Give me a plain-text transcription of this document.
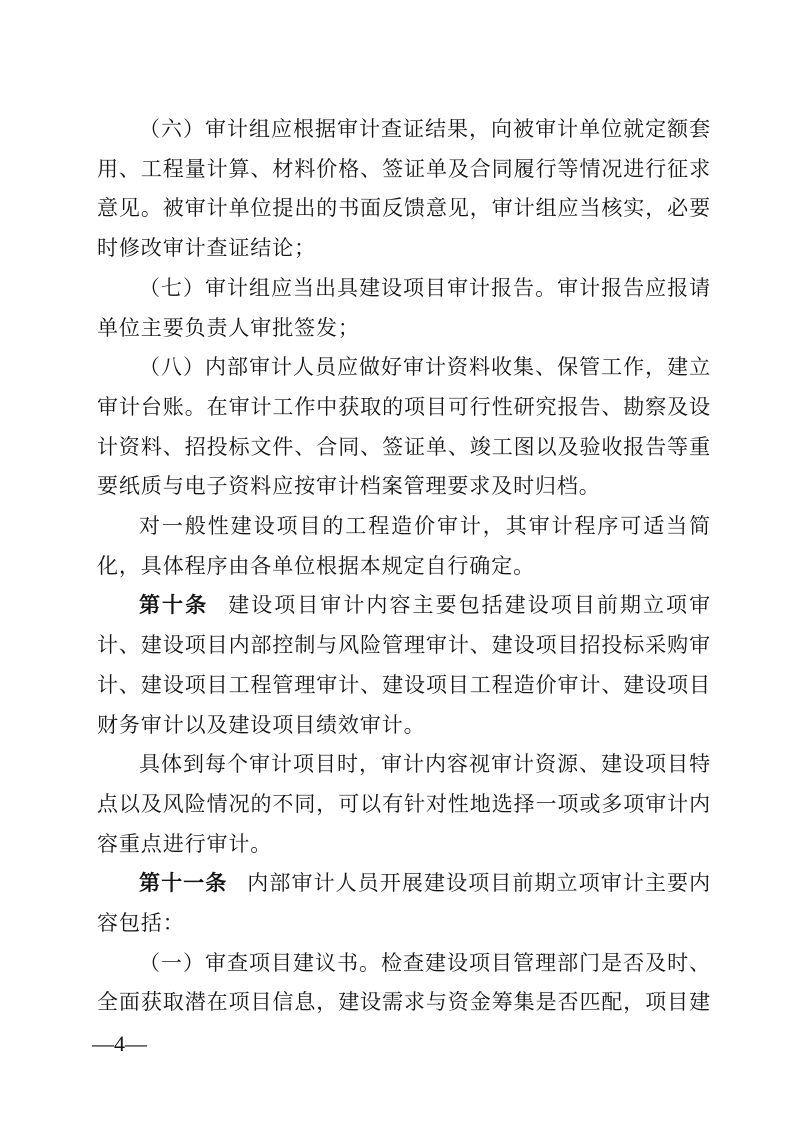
（六）审计组应根据审计查证结果，向被审计单位就定额套用、工程量计算、材料价格、签证单及合同履行等情况进行征求意见。被审计单位提出的书面反馈意见，审计组应当核实，必要时修改审计查证结论；

（七）审计组应当出具建设项目审计报告。审计报告应报请单位主要负责人审批签发；

（八）内部审计人员应做好审计资料收集、保管工作，建立审计台账。在审计工作中获取的项目可行性研究报告、勘察及设计资料、招投标文件、合同、签证单、竣工图以及验收报告等重要纸质与电子资料应按审计档案管理要求及时归档。

对一般性建设项目的工程造价审计，其审计程序可适当简化，具体程序由各单位根据本规定自行确定。

第十条 建设项目审计内容主要包括建设项目前期立项审计、建设项目内部控制与风险管理审计、建设项目招投标采购审计、建设项目工程管理审计、建设项目工程造价审计、建设项目财务审计以及建设项目绩效审计。

具体到每个审计项目时，审计内容视审计资源、建设项目特点以及风险情况的不同，可以有针对性地选择一项或多项审计内容重点进行审计。

第十一条 内部审计人员开展建设项目前期立项审计主要内容包括：

（一）审查项目建议书。检查建设项目管理部门是否及时、全面获取潜在项目信息，建设需求与资金筹集是否匹配，项目建

—4—
